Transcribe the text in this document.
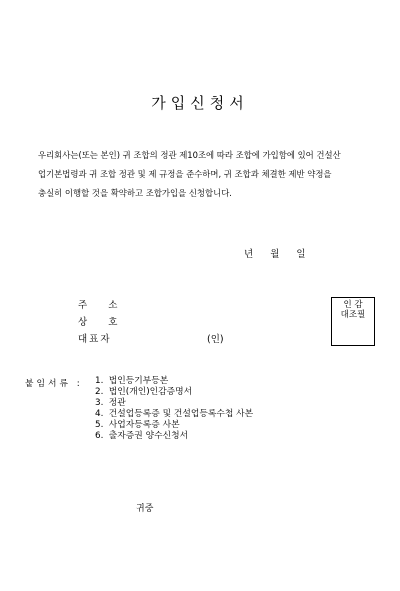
가입신청서
우리회사는(또는 본인) 귀 조합의 정관 제10조에 따라 조합에 가입함에 있어 건설산
업기본법령과 귀 조합 정관 및 제 규정을 준수하며, 귀 조합과 체결한 제반 약정을
충실히 이행할 것을 확약하고 조합가입을 신청합니다.
년 월 일
주 소
상 호
대표자	(인)
인 감
대조필
붙임서류 : 1. 법인등기부등본
2. 법인(개인)인감증명서
3. 정관
4. 건설업등록증 및 건설업등록수첩 사본
5. 사업자등록증 사본
6. 출자증권 양수신청서
귀중
